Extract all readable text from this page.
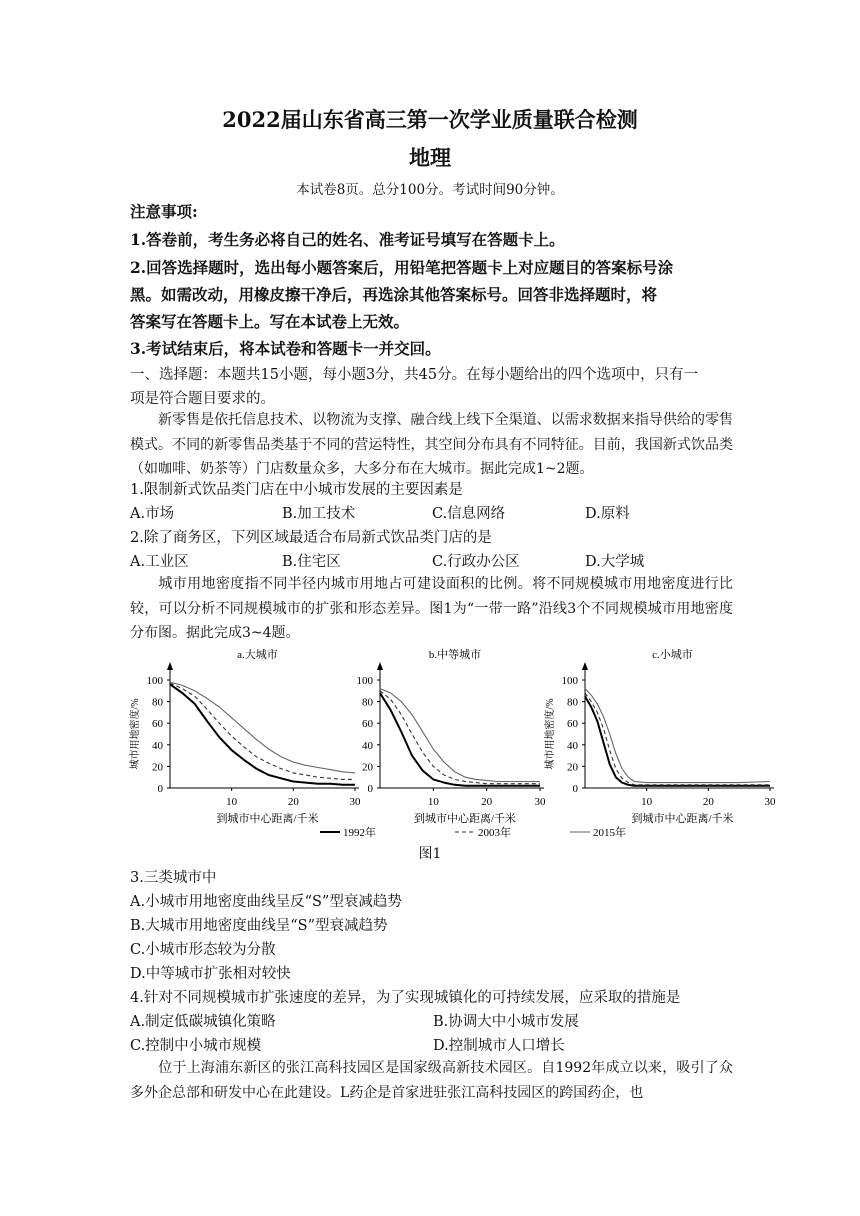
2022届山东省高三第一次学业质量联合检测
地理
本试卷8页。总分100分。考试时间90分钟。
注意事项:
1.答卷前，考生务必将自己的姓名、准考证号填写在答题卡上。
2.回答选择题时，选出每小题答案后，用铅笔把答题卡上对应题目的答案标号涂
黑。如需改动，用橡皮擦干净后，再选涂其他答案标号。回答非选择题时，将
答案写在答题卡上。写在本试卷上无效。
3.考试结束后，将本试卷和答题卡一并交回。
一、选择题：本题共15小题，每小题3分，共45分。在每小题给出的四个选项中，只有一
项是符合题目要求的。
新零售是依托信息技术、以物流为支撑、融合线上线下全渠道、以需求数据来指导供给的零售模式。不同的新零售品类基于不同的营运特性，其空间分布具有不同特征。目前，我国新式饮品类（如咖啡、奶茶等）门店数量众多，大多分布在大城市。据此完成1~2题。
1.限制新式饮品类门店在中小城市发展的主要因素是
A.市场	B.加工技术	C.信息网络	D.原料
2.除了商务区，下列区域最适合布局新式饮品类门店的是
A.工业区	B.住宅区	C.行政办公区	D.大学城
城市用地密度指不同半径内城市用地占可建设面积的比例。将不同规模城市用地密度进行比较，可以分析不同规模城市的扩张和形态差异。图1为“一带一路”沿线3个不同规模城市用地密度分布图。据此完成3~4题。
0
20
40
60
80
100
10	20	30
a.大城市
到城市中心距离/千米
城市用地密度/%
0
20
40
60
80
100
10	20	30
b.中等城市
到城市中心距离/千米
0
20
40
60
80
100
10	20	30
c.小城市
到城市中心距离/千米
城市用地密度/%
1992年	2003年	2015年
图1
3.三类城市中
A.小城市用地密度曲线呈反“S”型衰减趋势
B.大城市用地密度曲线呈“S”型衰减趋势
C.小城市形态较为分散
D.中等城市扩张相对较快
4.针对不同规模城市扩张速度的差异，为了实现城镇化的可持续发展，应采取的措施是
A.制定低碳城镇化策略	B.协调大中小城市发展
C.控制中小城市规模	D.控制城市人口增长
位于上海浦东新区的张江高科技园区是国家级高新技术园区。自1992年成立以来，吸引了众多外企总部和研发中心在此建设。L药企是首家进驻张江高科技园区的跨国药企，也
